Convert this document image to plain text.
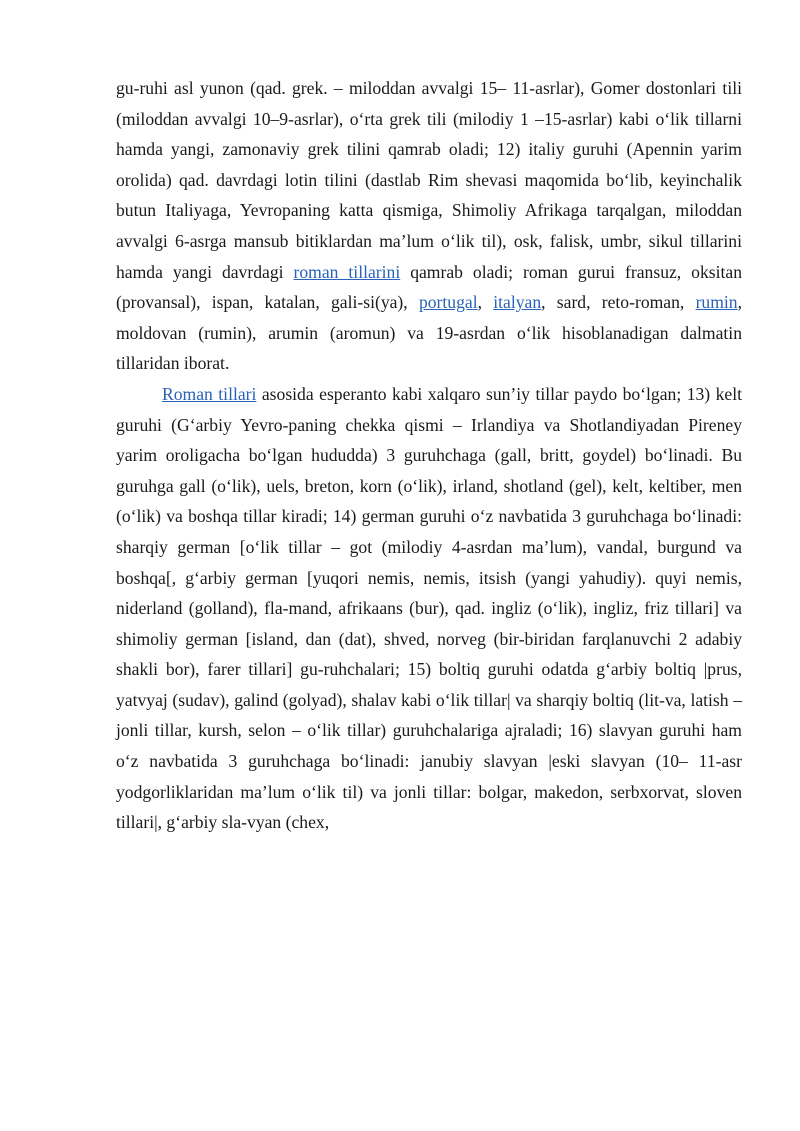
gu-ruhi asl yunon (qad. grek. – miloddan avvalgi 15– 11-asrlar), Gomer dostonlari tili (miloddan avvalgi 10–9-asrlar), o‘rta grek tili (milodiy 1 –15-asrlar) kabi o‘lik tillarni hamda yangi, zamonaviy grek tilini qamrab oladi; 12) italiy guruhi (Apennin yarim orolida) qad. davrdagi lotin tilini (dastlab Rim shevasi maqomida bo‘lib, keyinchalik butun Italiyaga, Yevropaning katta qismiga, Shimoliy Afrikaga tarqalgan, miloddan avvalgi 6-asrga mansub bitiklardan ma’lum o‘lik til), osk, falisk, umbr, sikul tillarini hamda yangi davrdagi roman tillarini qamrab oladi; roman gurui fransuz, oksitan (provansal), ispan, katalan, gali-si(ya), portugal, italyan, sard, reto-roman, rumin, moldovan (rumin), arumin (aromun) va 19-asrdan o‘lik hisoblanadigan dalmatin tillaridan iborat.

Roman tillari asosida esperanto kabi xalqaro sun’iy tillar paydo bo‘lgan; 13) kelt guruhi (G‘arbiy Yevro-paning chekka qismi – Irlandiya va Shotlandiyadan Pireney yarim oroligacha bo‘lgan hududda) 3 guruhchaga (gall, britt, goydel) bo‘linadi. Bu guruhga gall (o‘lik), uels, breton, korn (o‘lik), irland, shotland (gel), kelt, keltiber, men (o‘lik) va boshqa tillar kiradi; 14) german guruhi o‘z navbatida 3 guruhchaga bo‘linadi: sharqiy german [o‘lik tillar – got (milodiy 4-asrdan ma’lum), vandal, burgund va boshqa[, g‘arbiy german [yuqori nemis, nemis, itsish (yangi yahudiy). quyi nemis, niderland (golland), fla-mand, afrikaans (bur), qad. ingliz (o‘lik), ingliz, friz tillari] va shimoliy german [island, dan (dat), shved, norveg (bir-biridan farqlanuvchi 2 adabiy shakli bor), farer tillari] gu-ruhchalari; 15) boltiq guruhi odatda g‘arbiy boltiq |prus, yatvyaj (sudav), galind (golyad), shalav kabi o‘lik tillar| va sharqiy boltiq (lit-va, latish – jonli tillar, kursh, selon – o‘lik tillar) guruhchalariga ajraladi; 16) slavyan guruhi ham o‘z navbatida 3 guruhchaga bo‘linadi: janubiy slavyan |eski slavyan (10– 11-asr yodgorliklaridan ma’lum o‘lik til) va jonli tillar: bolgar, makedon, serbxorvat, sloven tillari|, g‘arbiy sla-vyan (chex,
